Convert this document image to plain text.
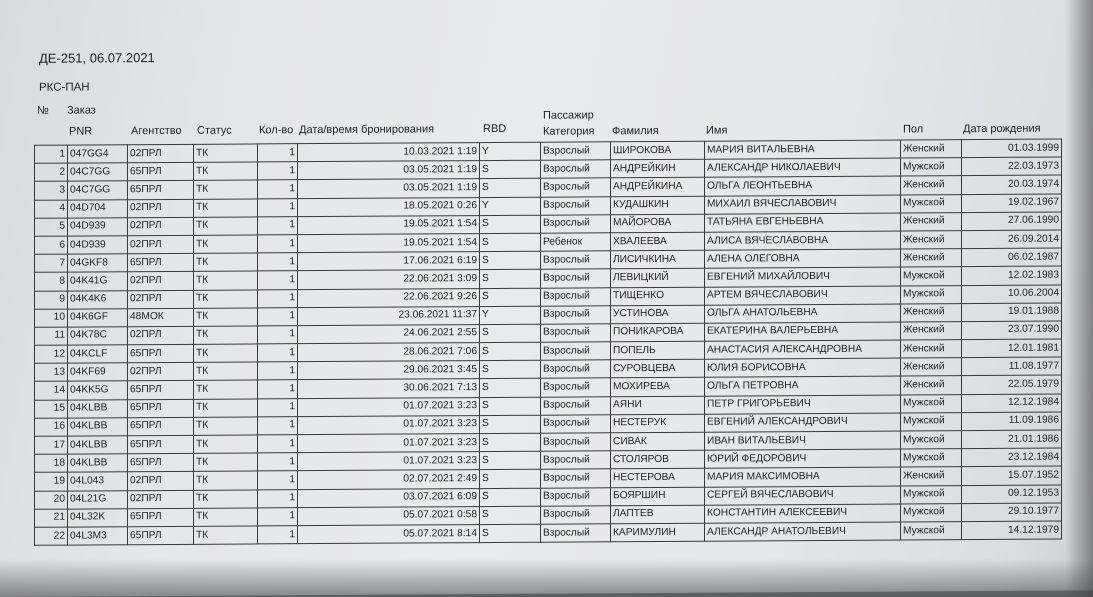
ДЕ-251, 06.07.2021
РКС-ПАН
№ Заказ	Пассажир
PNR	Агентство Статус Кол-во Дата/время бронирования	RBD	Категория Фамилия	Имя	Пол	Дата рождения
1	047GG4	02ПРЛ	ТК	1	10.03.2021 1:19	Y	Взрослый	ШИРОКОВА	МАРИЯ ВИТАЛЬЕВНА	Женский	01.03.1999
2	04C7GG	65ПРЛ	ТК	1	03.05.2021 1:19	S	Взрослый	АНДРЕЙКИН	АЛЕКСАНДР НИКОЛАЕВИЧ	Мужской	22.03.1973
3	04C7GG	65ПРЛ	ТК	1	03.05.2021 1:19	S	Взрослый	АНДРЕЙКИНА	ОЛЬГА ЛЕОНТЬЕВНА	Женский	20.03.1974
4	04D704	02ПРЛ	ТК	1	18.05.2021 0:26	Y	Взрослый	КУДАШКИН	МИХАИЛ ВЯЧЕСЛАВОВИЧ	Мужской	19.02.1967
5	04D939	02ПРЛ	ТК	1	19.05.2021 1:54	S	Взрослый	МАЙОРОВА	ТАТЬЯНА ЕВГЕНЬЕВНА	Женский	27.06.1990
6	04D939	02ПРЛ	ТК	1	19.05.2021 1:54	S	Ребенок	ХВАЛЕЕВА	АЛИСА ВЯЧЕСЛАВОВНА	Женский	26.09.2014
7	04GKF8	65ПРЛ	ТК	1	17.06.2021 6:19	S	Взрослый	ЛИСИЧКИНА	АЛЕНА ОЛЕГОВНА	Женский	06.02.1987
8	04K41G	02ПРЛ	ТК	1	22.06.2021 3:09	S	Взрослый	ЛЕВИЦКИЙ	ЕВГЕНИЙ МИХАЙЛОВИЧ	Мужской	12.02.1983
9	04K4K6	02ПРЛ	ТК	1	22.06.2021 9:26	S	Взрослый	ТИЩЕНКО	АРТЕМ ВЯЧЕСЛАВОВИЧ	Мужской	10.06.2004
10	04K6GF	48МОК	ТК	1	23.06.2021 11:37	Y	Взрослый	УСТИНОВА	ОЛЬГА АНАТОЛЬЕВНА	Женский	19.01.1988
11	04K78C	02ПРЛ	ТК	1	24.06.2021 2:55	S	Взрослый	ПОНИКАРОВА	ЕКАТЕРИНА ВАЛЕРЬЕВНА	Женский	23.07.1990
12	04KCLF	65ПРЛ	ТК	1	28.06.2021 7:06	S	Взрослый	ПОПЕЛЬ	АНАСТАСИЯ АЛЕКСАНДРОВНА	Женский	12.01.1981
13	04KF69	02ПРЛ	ТК	1	29.06.2021 3:45	S	Взрослый	СУРОВЦЕВА	ЮЛИЯ БОРИСОВНА	Женский	11.08.1977
14	04KK5G	65ПРЛ	ТК	1	30.06.2021 7:13	S	Взрослый	МОХИРЕВА	ОЛЬГА ПЕТРОВНА	Женский	22.05.1979
15	04KLBB	65ПРЛ	ТК	1	01.07.2021 3:23	S	Взрослый	АЯНИ	ПЕТР ГРИГОРЬЕВИЧ	Мужской	12.12.1984
16	04KLBB	65ПРЛ	ТК	1	01.07.2021 3:23	S	Взрослый	НЕСТЕРУК	ЕВГЕНИЙ АЛЕКСАНДРОВИЧ	Мужской	11.09.1986
17	04KLBB	65ПРЛ	ТК	1	01.07.2021 3:23	S	Взрослый	СИВАК	ИВАН ВИТАЛЬЕВИЧ	Мужской	21.01.1986
18	04KLBB	65ПРЛ	ТК	1	01.07.2021 3:23	S	Взрослый	СТОЛЯРОВ	ЮРИЙ ФЕДОРОВИЧ	Мужской	23.12.1984
19	04L043	02ПРЛ	ТК	1	02.07.2021 2:49	S	Взрослый	НЕСТЕРОВА	МАРИЯ МАКСИМОВНА	Женский	15.07.1952
20	04L21G	02ПРЛ	ТК	1	03.07.2021 6:09	S	Взрослый	БОЯРШИН	СЕРГЕЙ ВЯЧЕСЛАВОВИЧ	Мужской	09.12.1953
21	04L32K	65ПРЛ	ТК	1	05.07.2021 0:58	S	Взрослый	ЛАПТЕВ	КОНСТАНТИН АЛЕКСЕЕВИЧ	Мужской	29.10.1977
22	04L3M3	65ПРЛ	ТК	1	05.07.2021 8:14	S	Взрослый	КАРИМУЛИН	АЛЕКСАНДР АНАТОЛЬЕВИЧ	Мужской	14.12.1979
